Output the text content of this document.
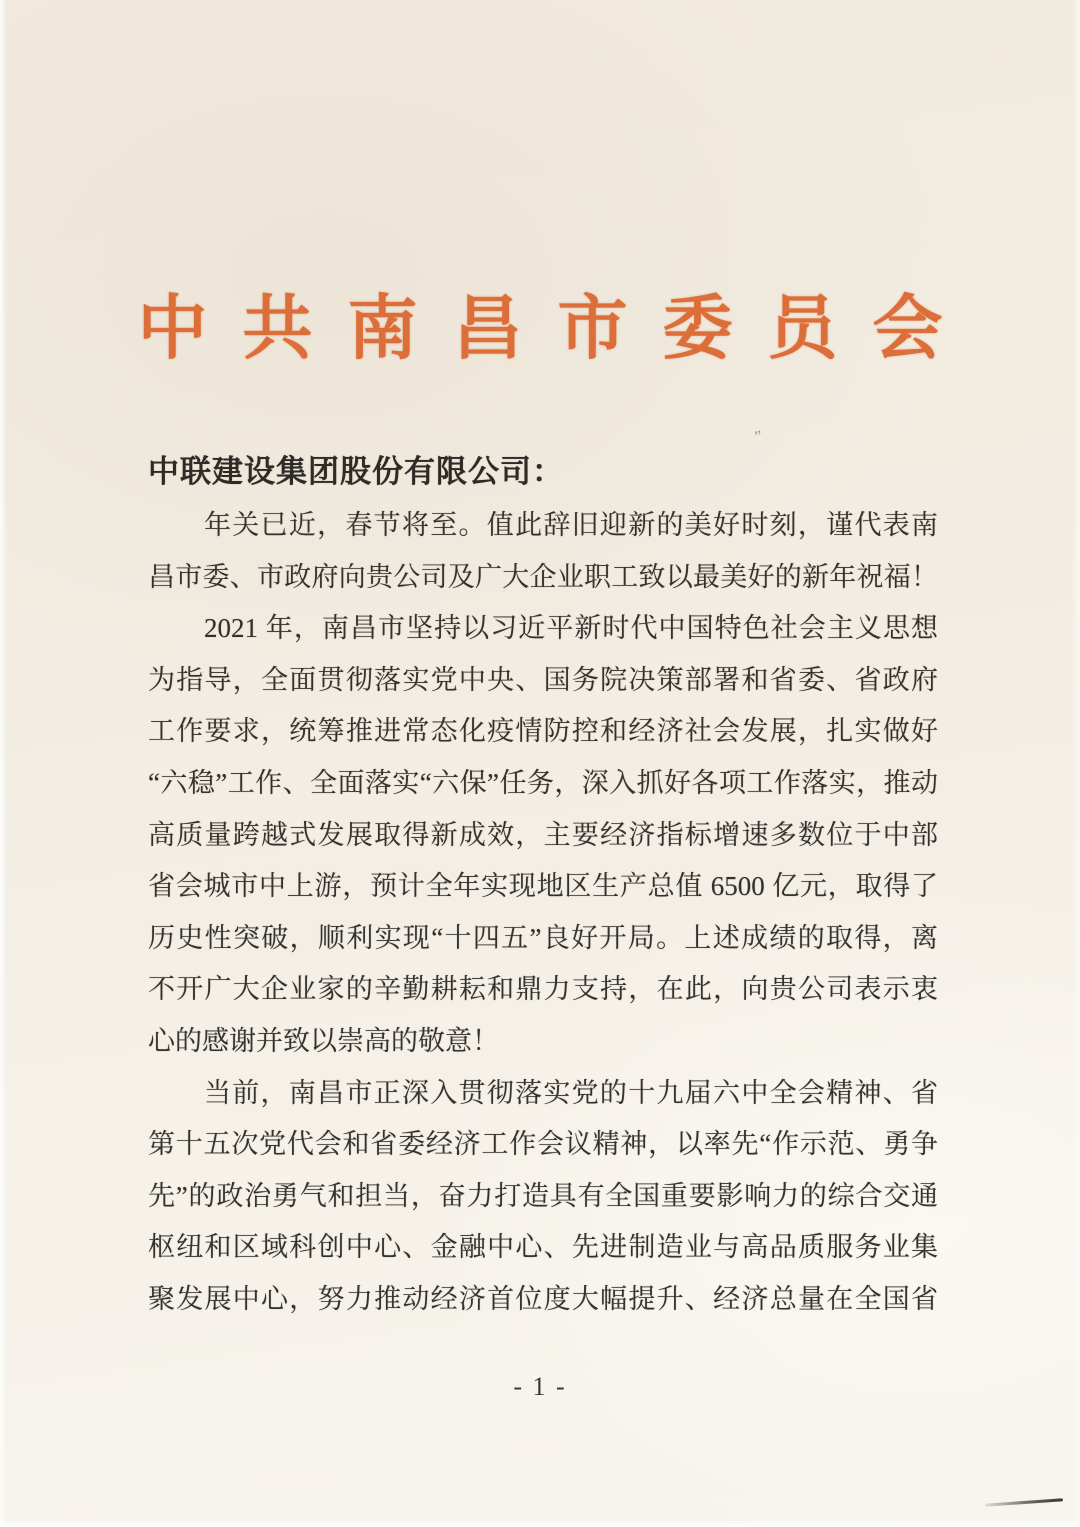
中共南昌市委员会
„
中联建设集团股份有限公司：
年关已近，春节将至。值此辞旧迎新的美好时刻，谨代表南
昌市委、市政府向贵公司及广大企业职工致以最美好的新年祝福！
2021 年，南昌市坚持以习近平新时代中国特色社会主义思想
为指导，全面贯彻落实党中央、国务院决策部署和省委、省政府
工作要求，统筹推进常态化疫情防控和经济社会发展，扎实做好
“六稳”工作、全面落实“六保”任务，深入抓好各项工作落实，推动
高质量跨越式发展取得新成效，主要经济指标增速多数位于中部
省会城市中上游，预计全年实现地区生产总值 6500 亿元，取得了
历史性突破，顺利实现“十四五”良好开局。上述成绩的取得，离
不开广大企业家的辛勤耕耘和鼎力支持，在此，向贵公司表示衷
心的感谢并致以崇高的敬意！
当前，南昌市正深入贯彻落实党的十九届六中全会精神、省
第十五次党代会和省委经济工作会议精神，以率先“作示范、勇争
先”的政治勇气和担当，奋力打造具有全国重要影响力的综合交通
枢纽和区域科创中心、金融中心、先进制造业与高品质服务业集
聚发展中心，努力推动经济首位度大幅提升、经济总量在全国省
- 1 -
